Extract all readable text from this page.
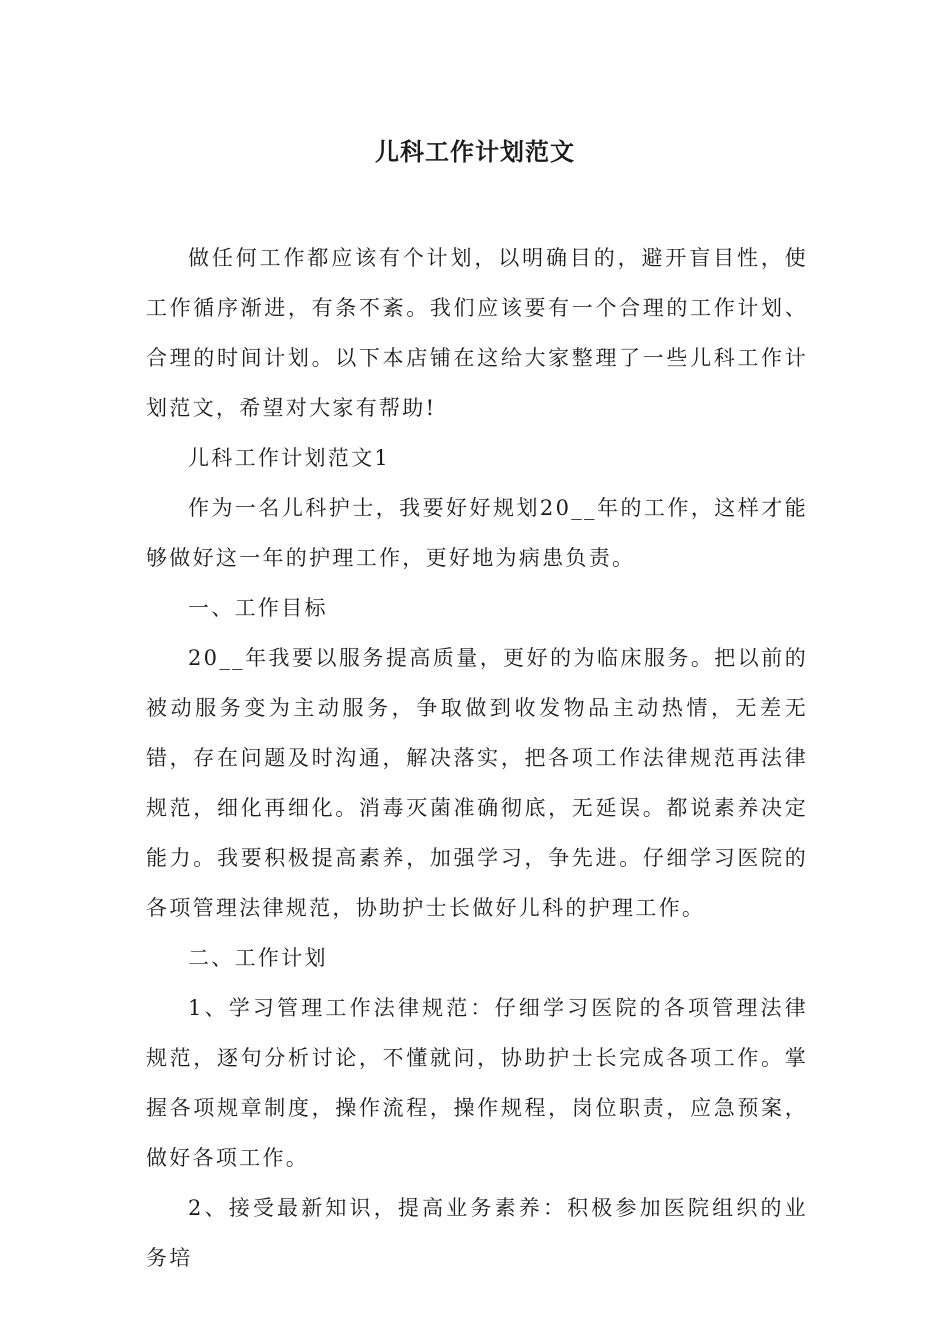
儿科工作计划范文

做任何工作都应该有个计划，以明确目的，避开盲目性，使工作循序渐进，有条不紊。我们应该要有一个合理的工作计划、合理的时间计划。以下本店铺在这给大家整理了一些儿科工作计划范文，希望对大家有帮助!

儿科工作计划范文1

作为一名儿科护士，我要好好规划20__年的工作，这样才能够做好这一年的护理工作，更好地为病患负责。

一、工作目标

20__年我要以服务提高质量，更好的为临床服务。把以前的被动服务变为主动服务，争取做到收发物品主动热情，无差无错，存在问题及时沟通，解决落实，把各项工作法律规范再法律规范，细化再细化。消毒灭菌准确彻底，无延误。都说素养决定能力。我要积极提高素养，加强学习，争先进。仔细学习医院的各项管理法律规范，协助护士长做好儿科的护理工作。

二、工作计划

1、学习管理工作法律规范：仔细学习医院的各项管理法律规范，逐句分析讨论，不懂就问，协助护士长完成各项工作。掌握各项规章制度，操作流程，操作规程，岗位职责，应急预案，做好各项工作。

2、接受最新知识，提高业务素养：积极参加医院组织的业务培
